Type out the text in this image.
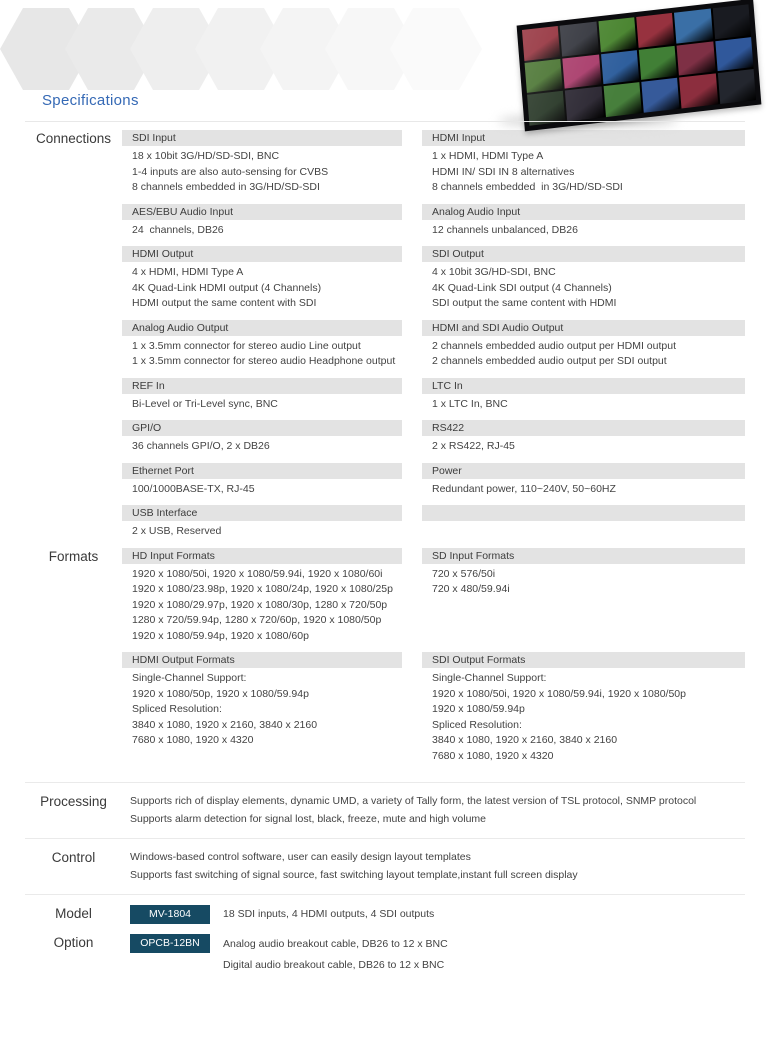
Specifications
Connections	SDI Input
18 x 10bit 3G/HD/SD-SDI, BNC
1-4 inputs are also auto-sensing for CVBS
8 channels embedded in 3G/HD/SD-SDI
HDMI Input
1 x HDMI, HDMI Type A
HDMI IN/ SDI IN 8 alternatives
8 channels embedded  in 3G/HD/SD-SDI
AES/EBU Audio Input
24  channels, DB26
Analog Audio Input
12 channels unbalanced, DB26
HDMI Output
4 x HDMI, HDMI Type A
4K Quad-Link HDMI output (4 Channels)
HDMI output the same content with SDI
SDI Output
4 x 10bit 3G/HD-SDI, BNC
4K Quad-Link SDI output (4 Channels)
SDI output the same content with HDMI
Analog Audio Output
1 x 3.5mm connector for stereo audio Line output
1 x 3.5mm connector for stereo audio Headphone output
HDMI and SDI Audio Output
2 channels embedded audio output per HDMI output
2 channels embedded audio output per SDI output
REF In
Bi-Level or Tri-Level sync, BNC
LTC In
1 x LTC In, BNC
GPI/O
36 channels GPI/O, 2 x DB26
RS422
2 x RS422, RJ-45
Ethernet Port
100/1000BASE-TX, RJ-45
Power
Redundant power, 110~240V, 50~60HZ
USB Interface
2 x USB, Reserved
Formats	HD Input Formats
1920 x 1080/50i, 1920 x 1080/59.94i, 1920 x 1080/60i
1920 x 1080/23.98p, 1920 x 1080/24p, 1920 x 1080/25p
1920 x 1080/29.97p, 1920 x 1080/30p, 1280 x 720/50p
1280 x 720/59.94p, 1280 x 720/60p, 1920 x 1080/50p
1920 x 1080/59.94p, 1920 x 1080/60p
SD Input Formats
720 x 576/50i
720 x 480/59.94i
HDMI Output Formats
Single-Channel Support:
1920 x 1080/50p, 1920 x 1080/59.94p
Spliced Resolution:
3840 x 1080, 1920 x 2160, 3840 x 2160
7680 x 1080, 1920 x 4320
SDI Output Formats
Single-Channel Support:
1920 x 1080/50i, 1920 x 1080/59.94i, 1920 x 1080/50p
1920 x 1080/59.94p
Spliced Resolution:
3840 x 1080, 1920 x 2160, 3840 x 2160
7680 x 1080, 1920 x 4320
Processing	Supports rich of display elements, dynamic UMD, a variety of Tally form, the latest version of TSL protocol, SNMP protocol
Supports alarm detection for signal lost, black, freeze, mute and high volume
Control	Windows-based control software, user can easily design layout templates
Supports fast switching of signal source, fast switching layout template,instant full screen display
Model	MV-1804	18 SDI inputs, 4 HDMI outputs, 4 SDI outputs
Option	OPCB-12BN	Analog audio breakout cable, DB26 to 12 x BNC
Digital audio breakout cable, DB26 to 12 x BNC
